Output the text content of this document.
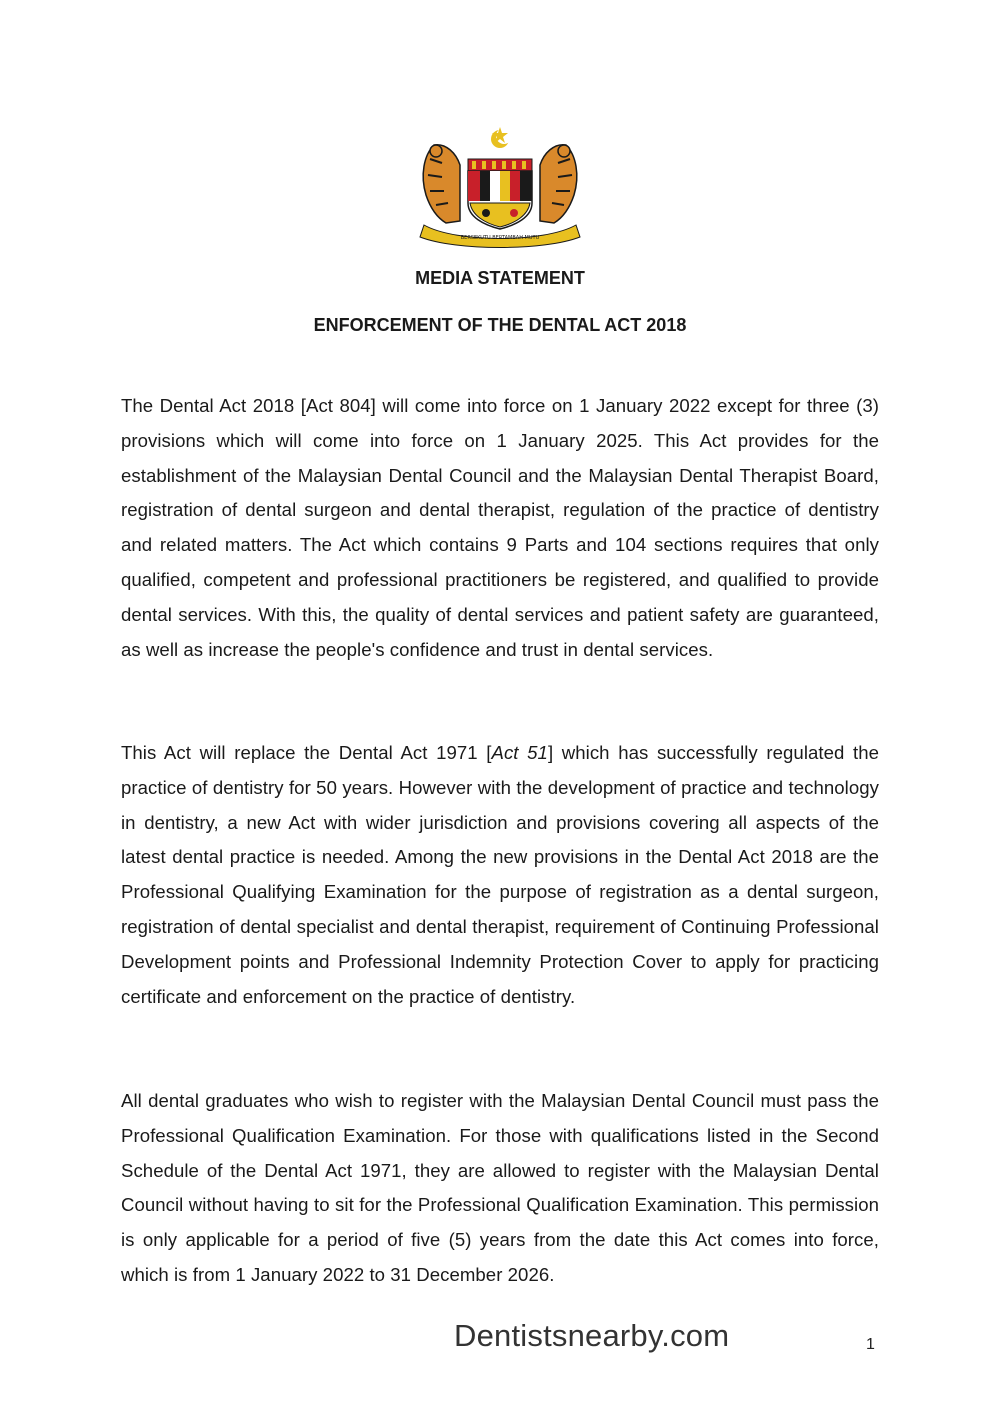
BERSEKUTU BERTAMBAH MUTU
MEDIA STATEMENT
ENFORCEMENT OF THE DENTAL ACT 2018

The Dental Act 2018 [Act 804] will come into force on 1 January 2022 except for three (3) provisions which will come into force on 1 January 2025. This Act provides for the establishment of the Malaysian Dental Council and the Malaysian Dental Therapist Board, registration of dental surgeon and dental therapist, regulation of the practice of dentistry and related matters. The Act which contains 9 Parts and 104 sections requires that only qualified, competent and professional practitioners be registered, and qualified to provide dental services. With this, the quality of dental services and patient safety are guaranteed, as well as increase the people's confidence and trust in dental services.

This Act will replace the Dental Act 1971 [Act 51] which has successfully regulated the practice of dentistry for 50 years. However with the development of practice and technology in dentistry, a new Act with wider jurisdiction and provisions covering all aspects of the latest dental practice is needed. Among the new provisions in the Dental Act 2018 are the Professional Qualifying Examination for the purpose of registration as a dental surgeon, registration of dental specialist and dental therapist, requirement of Continuing Professional Development points and Professional Indemnity Protection Cover to apply for practicing certificate and enforcement on the practice of dentistry.

All dental graduates who wish to register with the Malaysian Dental Council must pass the Professional Qualification Examination. For those with qualifications listed in the Second Schedule of the Dental Act 1971, they are allowed to register with the Malaysian Dental Council without having to sit for the Professional Qualification Examination. This permission is only applicable for a period of five (5) years from the date this Act comes into force, which is from 1 January 2022 to 31 December 2026.

Dentistsnearby.com	1
